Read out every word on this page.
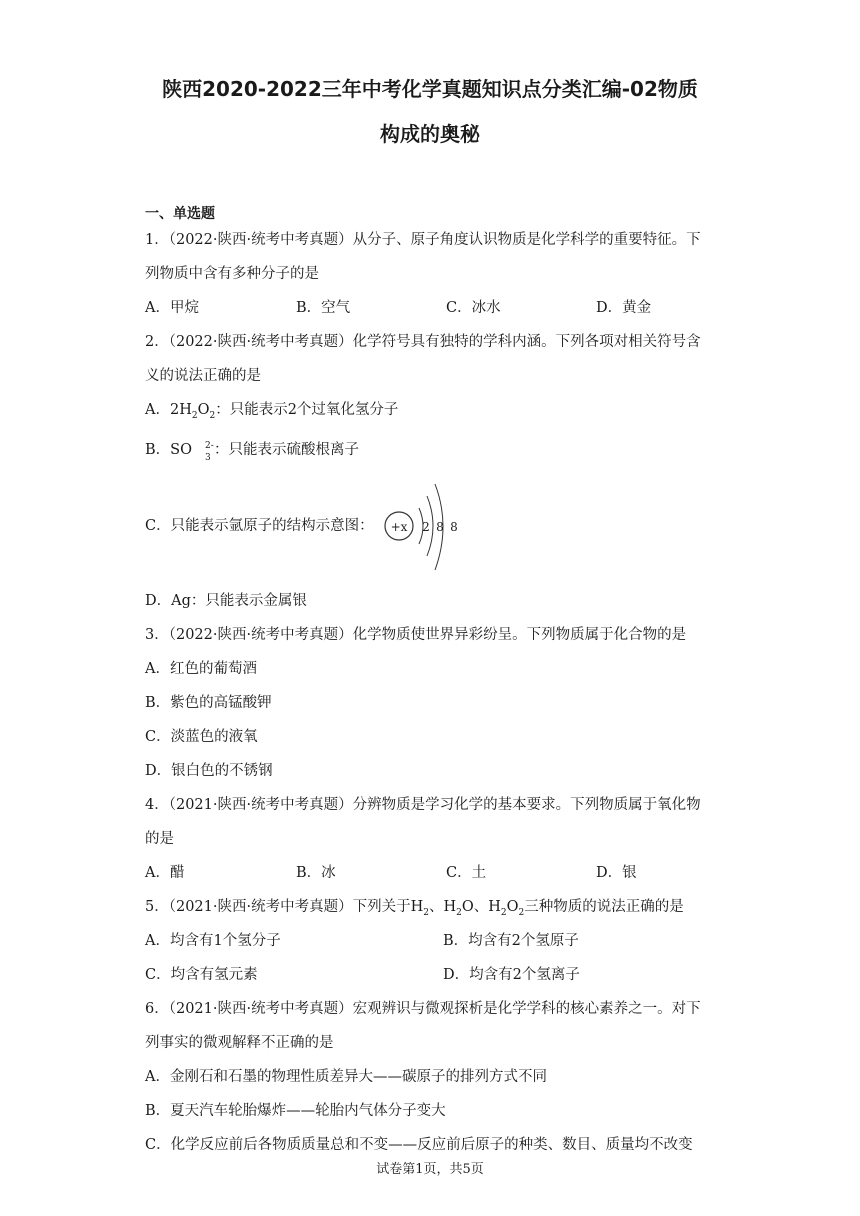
陕西2020-2022三年中考化学真题知识点分类汇编-02物质
构成的奥秘
一、单选题
1．（2022·陕西·统考中考真题）从分子、原子角度认识物质是化学科学的重要特征。下
列物质中含有多种分子的是
A．甲烷	B．空气	C．冰水	D．黄金
2．（2022·陕西·统考中考真题）化学符号具有独特的学科内涵。下列各项对相关符号含
义的说法正确的是
A．$2H_2O_2$：只能表示2个过氧化氢分子
B．SO 2-
3 ：只能表示硫酸根离子
C．只能表示氩原子的结构示意图： +x 2 8 8
D．Ag：只能表示金属银
3．（2022·陕西·统考中考真题）化学物质使世界异彩纷呈。下列物质属于化合物的是
A．红色的葡萄酒
B．紫色的高锰酸钾
C．淡蓝色的液氧
D．银白色的不锈钢
4．（2021·陕西·统考中考真题）分辨物质是学习化学的基本要求。下列物质属于氧化物
的是
A．醋	B．冰	C．土	D．银
5．（2021·陕西·统考中考真题）下列关于$H_2$、$H_2O$、$H_2O_2$三种物质的说法正确的是
A．均含有1个氢分子	B．均含有2个氢原子
C．均含有氢元素	D．均含有2个氢离子
6．（2021·陕西·统考中考真题）宏观辨识与微观探析是化学学科的核心素养之一。对下
列事实的微观解释不正确的是
A．金刚石和石墨的物理性质差异大——碳原子的排列方式不同
B．夏天汽车轮胎爆炸——轮胎内气体分子变大
C．化学反应前后各物质质量总和不变——反应前后原子的种类、数目、质量均不改变
试卷第1页，共5页
